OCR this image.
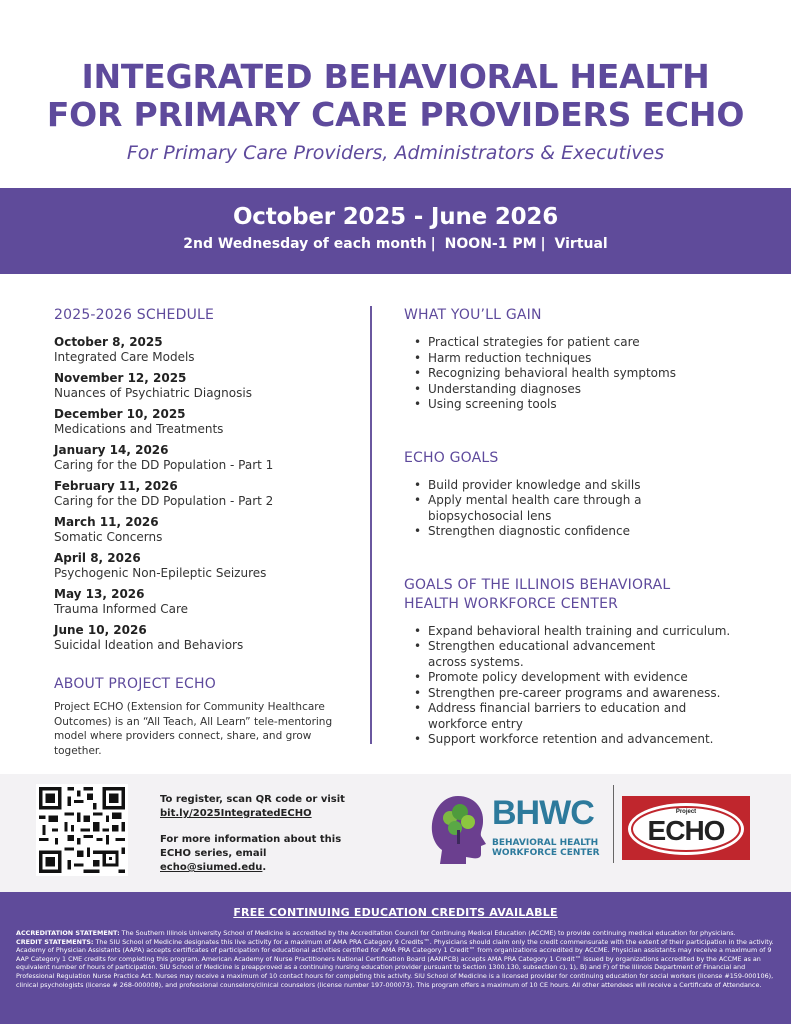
INTEGRATED BEHAVIORAL HEALTH
FOR PRIMARY CARE PROVIDERS ECHO
For Primary Care Providers, Administrators & Executives
October 2025 - June 2026
2nd Wednesday of each month | NOON-1 PM | Virtual
2025-2026 SCHEDULE
October 8, 2025
Integrated Care Models
November 12, 2025
Nuances of Psychiatric Diagnosis
December 10, 2025
Medications and Treatments
January 14, 2026
Caring for the DD Population - Part 1
February 11, 2026
Caring for the DD Population - Part 2
March 11, 2026
Somatic Concerns
April 8, 2026
Psychogenic Non-Epileptic Seizures
May 13, 2026
Trauma Informed Care
June 10, 2026
Suicidal Ideation and Behaviors
ABOUT PROJECT ECHO
Project ECHO (Extension for Community Healthcare Outcomes) is an “All Teach, All Learn” tele-mentoring model where providers connect, share, and grow together.
WHAT YOU’LL GAIN
• Practical strategies for patient care
• Harm reduction techniques
• Recognizing behavioral health symptoms
• Understanding diagnoses
• Using screening tools
ECHO GOALS
• Build provider knowledge and skills
• Apply mental health care through a biopsychosocial lens
• Strengthen diagnostic confidence
GOALS OF THE ILLINOIS BEHAVIORAL
HEALTH WORKFORCE CENTER
• Expand behavioral health training and curriculum.
• Strengthen educational advancement across systems.
• Promote policy development with evidence
• Strengthen pre-career programs and awareness.
• Address financial barriers to education and workforce entry
• Support workforce retention and advancement.
To register, scan QR code or visit
bit.ly/2025IntegratedECHO
For more information about this ECHO series, email echo@siumed.edu.
BHWC
BEHAVIORAL HEALTH
WORKFORCE CENTER
Project
ECHO
FREE CONTINUING EDUCATION CREDITS AVAILABLE
ACCREDITATION STATEMENT: The Southern Illinois University School of Medicine is accredited by the Accreditation Council for Continuing Medical Education (ACCME) to provide continuing medical education for physicians.
CREDIT STATEMENTS: The SIU School of Medicine designates this live activity for a maximum of AMA PRA Category 9 Credits™. Physicians should claim only the credit commensurate with the extent of their participation in the activity. Academy of Physician Assistants (AAPA) accepts certificates of participation for educational activities certified for AMA PRA Category 1 Credit™ from organizations accredited by ACCME. Physician assistants may receive a maximum of 9 AAP Category 1 CME credits for completing this program. American Academy of Nurse Practitioners National Certification Board (AANPCB) accepts AMA PRA Category 1 Credit™ issued by organizations accredited by the ACCME as an equivalent number of hours of participation. SIU School of Medicine is preapproved as a continuing nursing education provider pursuant to Section 1300.130, subsection c), 1), B) and F) of the Illinois Department of Financial and Professional Regulation Nurse Practice Act. Nurses may receive a maximum of 10 contact hours for completing this activity. SIU School of Medicine is a licensed provider for continuing education for social workers (license #159-000106), clinical psychologists (license # 268-000008), and professional counselors/clinical counselors (license number 197-000073). This program offers a maximum of 10 CE hours. All other attendees will receive a Certificate of Attendance.
